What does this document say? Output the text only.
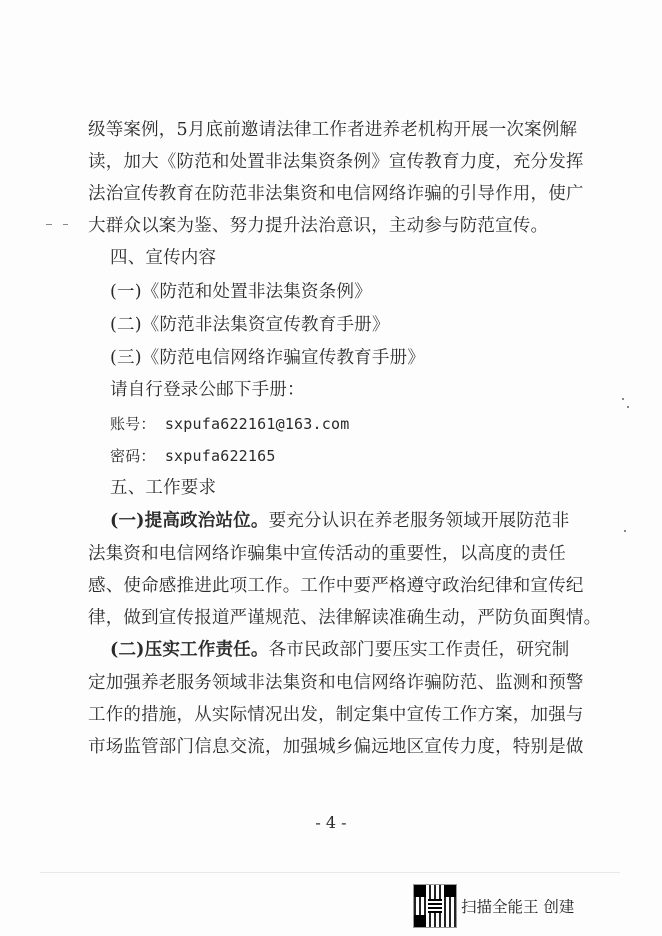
级等案例，5月底前邀请法律工作者进养老机构开展一次案例解
读，加大《防范和处置非法集资条例》宣传教育力度，充分发挥
法治宣传教育在防范非法集资和电信网络诈骗的引导作用，使广
大群众以案为鉴、努力提升法治意识，主动参与防范宣传。
四、宣传内容
(一)《防范和处置非法集资条例》
(二)《防范非法集资宣传教育手册》
(三)《防范电信网络诈骗宣传教育手册》
请自行登录公邮下手册：
账号： sxpufa622161@163.com
密码： sxpufa622165
五、工作要求
(一)提高政治站位。要充分认识在养老服务领域开展防范非
法集资和电信网络诈骗集中宣传活动的重要性，以高度的责任
感、使命感推进此项工作。工作中要严格遵守政治纪律和宣传纪
律，做到宣传报道严谨规范、法律解读准确生动，严防负面舆情。
(二)压实工作责任。各市民政部门要压实工作责任，研究制
定加强养老服务领域非法集资和电信网络诈骗防范、监测和预警
工作的措施，从实际情况出发，制定集中宣传工作方案，加强与
市场监管部门信息交流，加强城乡偏远地区宣传力度，特别是做
- 4 -
扫描全能王 创建
